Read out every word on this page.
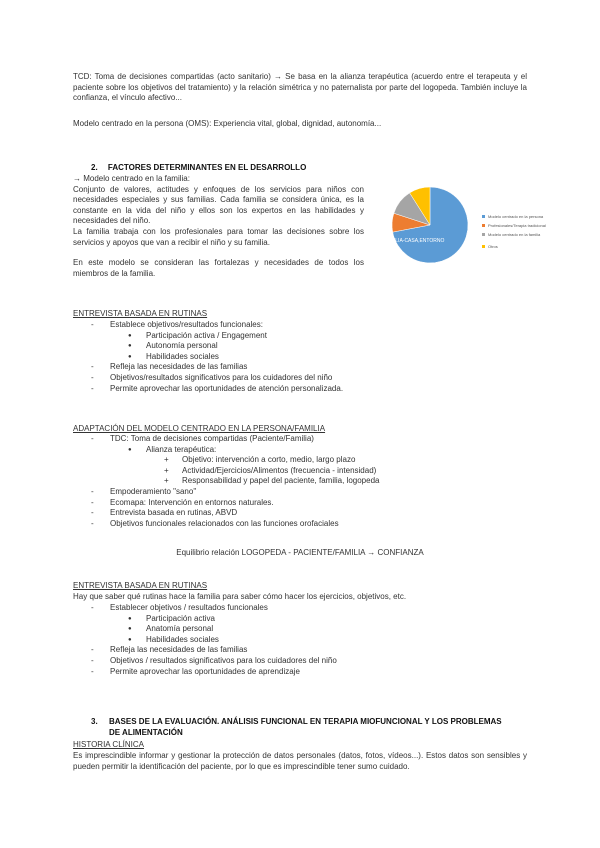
TCD: Toma de decisiones compartidas (acto sanitario) → Se basa en la alianza terapéutica (acuerdo entre el terapeuta y el paciente sobre los objetivos del tratamiento) y la relación simétrica y no paternalista por parte del logopeda. También incluye la confianza, el vínculo afectivo...

Modelo centrado en la persona (OMS): Experiencia vital, global, dignidad, autonomía...

2. FACTORES DETERMINANTES EN EL DESARROLLO

→ Modelo centrado en la familia:

Conjunto de valores, actitudes y enfoques de los servicios para niños con necesidades especiales y sus familias. Cada familia se considera única, es la constante en la vida del niño y ellos son los expertos en las habilidades y necesidades del niño.

La familia trabaja con los profesionales para tomar las decisiones sobre los servicios y apoyos que van a recibir el niño y su familia.

En este modelo se consideran las fortalezas y necesidades de todos los miembros de la familia.

FAMILIA-CASA,ENTORNO
Modelo centrado en la persona
Profesionales/Terapia tradicional
Modelo centrado en la familia
Otros
ENTREVISTA BASADA EN RUTINAS
- Establece objetivos/resultados funcionales:
● Participación activa / Engagement
● Autonomía personal
● Habilidades sociales
- Refleja las necesidades de las familias
- Objetivos/resultados significativos para los cuidadores del niño
- Permite aprovechar las oportunidades de atención personalizada.
ADAPTACIÓN DEL MODELO CENTRADO EN LA PERSONA/FAMILIA
- TDC: Toma de decisiones compartidas (Paciente/Familia)
● Alianza terapéutica:
+ Objetivo: intervención a corto, medio, largo plazo
+ Actividad/Ejercicios/Alimentos (frecuencia - intensidad)
+ Responsabilidad y papel del paciente, familia, logopeda
- Empoderamiento "sano"
- Ecomapa: Intervención en entornos naturales.
- Entrevista basada en rutinas, ABVD
- Objetivos funcionales relacionados con las funciones orofaciales
Equilibrio relación LOGOPEDA - PACIENTE/FAMILIA → CONFIANZA
ENTREVISTA BASADA EN RUTINAS
Hay que saber qué rutinas hace la familia para saber cómo hacer los ejercicios, objetivos, etc.
- Establecer objetivos / resultados funcionales
● Participación activa
● Anatomía personal
● Habilidades sociales
- Refleja las necesidades de las familias
- Objetivos / resultados significativos para los cuidadores del niño
- Permite aprovechar las oportunidades de aprendizaje
3. BASES DE LA EVALUACIÓN. ANÁLISIS FUNCIONAL EN TERAPIA MIOFUNCIONAL Y LOS PROBLEMAS
DE ALIMENTACIÓN
HISTORIA CLÍNICA
Es imprescindible informar y gestionar la protección de datos personales (datos, fotos, vídeos...). Estos datos son sensibles y pueden permitir la identificación del paciente, por lo que es imprescindible tener sumo cuidado.
